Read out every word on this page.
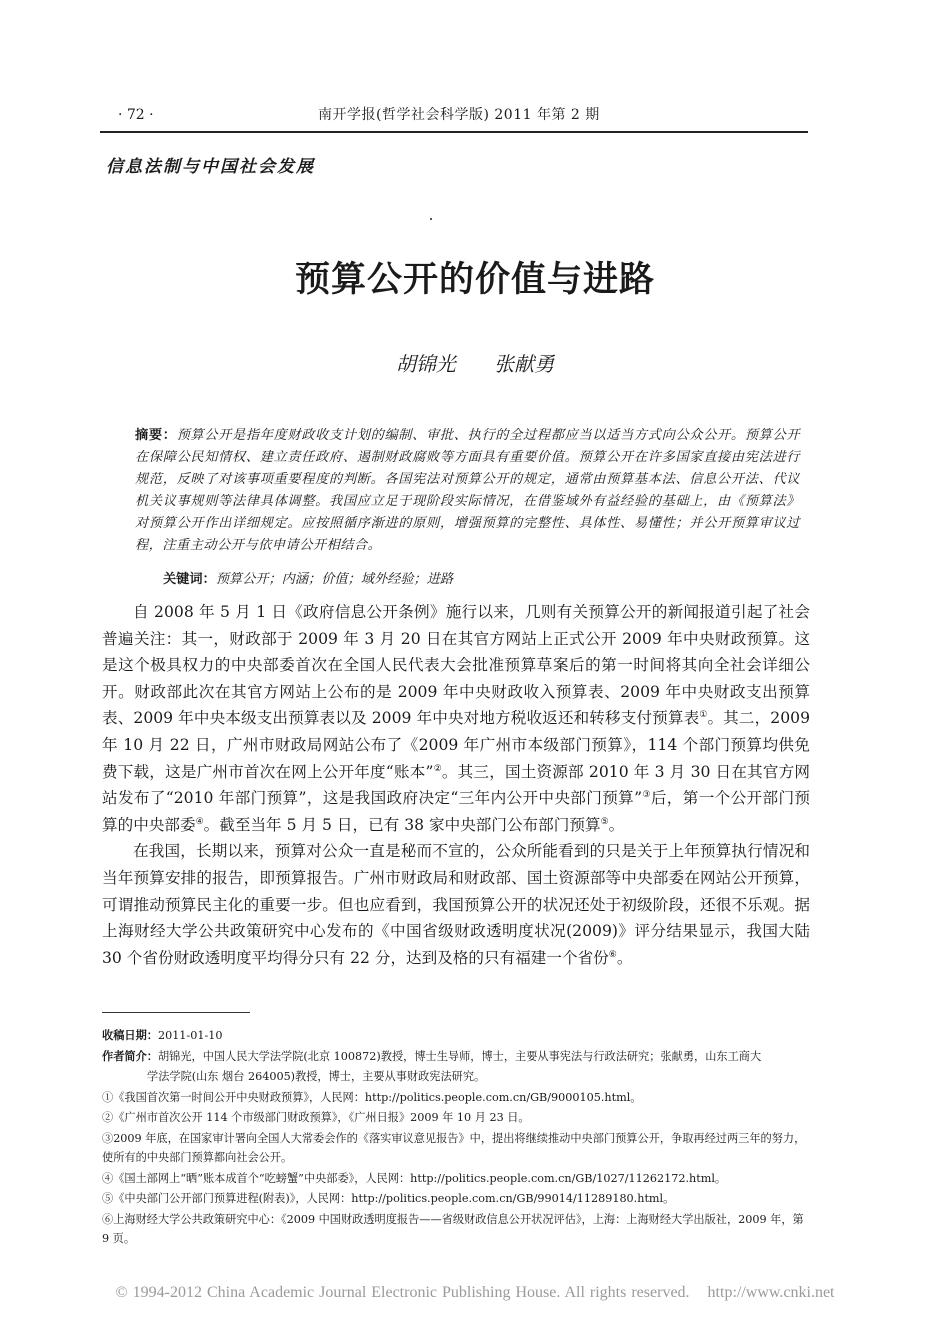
· 72 ·	南开学报(哲学社会科学版) 2011 年第 2 期
信息法制与中国社会发展
预算公开的价值与进路
胡锦光 张献勇
摘要：预算公开是指年度财政收支计划的编制、审批、执行的全过程都应当以适当方式向公众公开。预算公开在保障公民知情权、建立责任政府、遏制财政腐败等方面具有重要价值。预算公开在许多国家直接由宪法进行规范，反映了对该事项重要程度的判断。各国宪法对预算公开的规定，通常由预算基本法、信息公开法、代议机关议事规则等法律具体调整。我国应立足于现阶段实际情况，在借鉴域外有益经验的基础上，由《预算法》对预算公开作出详细规定。应按照循序渐进的原则，增强预算的完整性、具体性、易懂性；并公开预算审议过程，注重主动公开与依申请公开相结合。
关键词：预算公开；内涵；价值；域外经验；进路

自 2008 年 5 月 1 日《政府信息公开条例》施行以来，几则有关预算公开的新闻报道引起了社会普遍关注：其一，财政部于 2009 年 3 月 20 日在其官方网站上正式公开 2009 年中央财政预算。这是这个极具权力的中央部委首次在全国人民代表大会批准预算草案后的第一时间将其向全社会详细公开。财政部此次在其官方网站上公布的是 2009 年中央财政收入预算表、2009 年中央财政支出预算表、2009 年中央本级支出预算表以及 2009 年中央对地方税收返还和转移支付预算表①。其二，2009 年 10 月 22 日，广州市财政局网站公布了《2009 年广州市本级部门预算》，114 个部门预算均供免费下载，这是广州市首次在网上公开年度“账本”②。其三，国土资源部 2010 年 3 月 30 日在其官方网站发布了“2010 年部门预算”，这是我国政府决定“三年内公开中央部门预算”③后，第一个公开部门预算的中央部委④。截至当年 5 月 5 日，已有 38 家中央部门公布部门预算⑤。

在我国，长期以来，预算对公众一直是秘而不宣的，公众所能看到的只是关于上年预算执行情况和当年预算安排的报告，即预算报告。广州市财政局和财政部、国土资源部等中央部委在网站公开预算，可谓推动预算民主化的重要一步。但也应看到，我国预算公开的状况还处于初级阶段，还很不乐观。据上海财经大学公共政策研究中心发布的《中国省级财政透明度状况(2009)》评分结果显示，我国大陆 30 个省份财政透明度平均得分只有 22 分，达到及格的只有福建一个省份⑥。

收稿日期：2011-01-10
作者简介：胡锦光，中国人民大学法学院(北京 100872)教授，博士生导师，博士，主要从事宪法与行政法研究；张献勇，山东工商大
学法学院(山东 烟台 264005)教授，博士，主要从事财政宪法研究。
①《我国首次第一时间公开中央财政预算》，人民网：http://politics.people.com.cn/GB/9000105.html。
②《广州市首次公开 114 个市级部门财政预算》，《广州日报》2009 年 10 月 23 日。
③2009 年底，在国家审计署向全国人大常委会作的《落实审议意见报告》中，提出将继续推动中央部门预算公开，争取再经过两三年的努力，使所有的中央部门预算都向社会公开。
④《国土部网上“晒”账本成首个“吃螃蟹”中央部委》，人民网：http://politics.people.com.cn/GB/1027/11262172.html。
⑤《中央部门公开部门预算进程(附表)》，人民网：http://politics.people.com.cn/GB/99014/11289180.html。
⑥上海财经大学公共政策研究中心：《2009 中国财政透明度报告——省级财政信息公开状况评估》，上海：上海财经大学出版社，2009 年，第 9 页。
© 1994-2012 China Academic Journal Electronic Publishing House. All rights reserved. http://www.cnki.net
